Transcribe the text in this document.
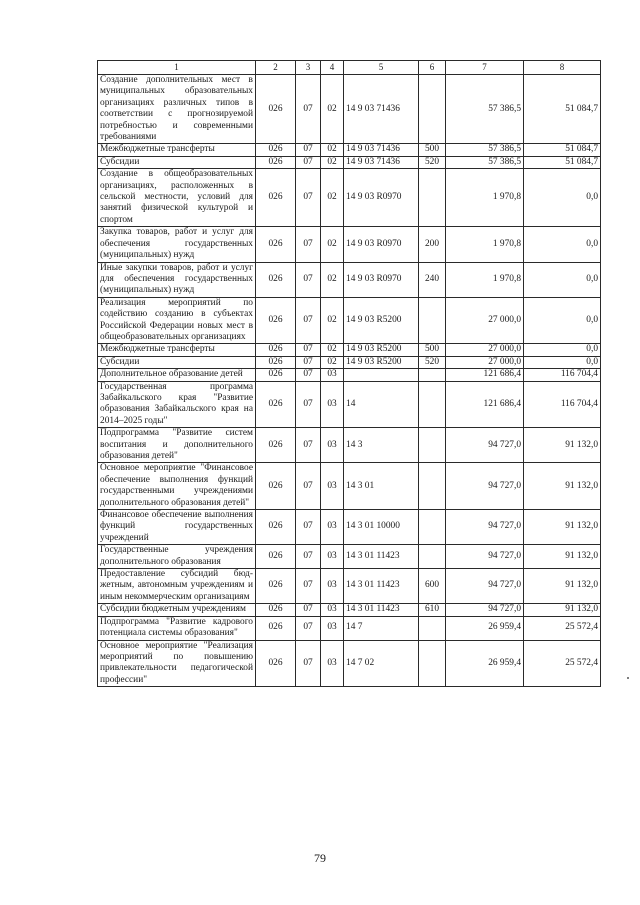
1	2	3	4	5	6	7	8
Создание дополнительных мест в муниципальных образовательных организациях различных типов в соответствии с прогнозируемой потребностью и современными требованиями	026	07	02	14 9 03 71436		57 386,5	51 084,7
Межбюджетные трансферты	026	07	02	14 9 03 71436	500	57 386,5	51 084,7
Субсидии	026	07	02	14 9 03 71436	520	57 386,5	51 084,7
Создание в общеобразовательных организациях, расположенных в сельской местности, условий для занятий физической культурой и спортом	026	07	02	14 9 03 R0970		1 970,8	0,0
Закупка товаров, работ и услуг для обеспечения государственных (муниципальных) нужд	026	07	02	14 9 03 R0970	200	1 970,8	0,0
Иные закупки товаров, работ и услуг для обеспечения государственных (муниципальных) нужд	026	07	02	14 9 03 R0970	240	1 970,8	0,0
Реализация мероприятий по содействию созданию в субъектах Российской Федерации новых мест в общеобразовательных организациях	026	07	02	14 9 03 R5200		27 000,0	0,0
Межбюджетные трансферты	026	07	02	14 9 03 R5200	500	27 000,0	0,0
Субсидии	026	07	02	14 9 03 R5200	520	27 000,0	0,0
Дополнительное образование детей	026	07	03			121 686,4	116 704,4
Государственная программа Забайкальского края "Развитие образования Забайкальского края на 2014–2025 годы"	026	07	03	14		121 686,4	116 704,4
Подпрограмма "Развитие систем воспитания и дополнительного образования детей"	026	07	03	14 3		94 727,0	91 132,0
Основное мероприятие "Финансовое обеспечение выполнения функций государственными учреждениями дополнительного образования детей"	026	07	03	14 3 01		94 727,0	91 132,0
Финансовое обеспечение выполнения функций государственных учреждений	026	07	03	14 3 01 10000		94 727,0	91 132,0
Государственные учреждения дополнительного образования	026	07	03	14 3 01 11423		94 727,0	91 132,0
Предоставление субсидий бюджетным, автономным учреждениям и иным некоммерческим организациям	026	07	03	14 3 01 11423	600	94 727,0	91 132,0
Субсидии бюджетным учреждениям	026	07	03	14 3 01 11423	610	94 727,0	91 132,0
Подпрограмма "Развитие кадрового потенциала системы образования"	026	07	03	14 7		26 959,4	25 572,4
Основное мероприятие "Реализация мероприятий по повышению привлекательности педагогической профессии"	026	07	03	14 7 02		26 959,4	25 572,4
79
